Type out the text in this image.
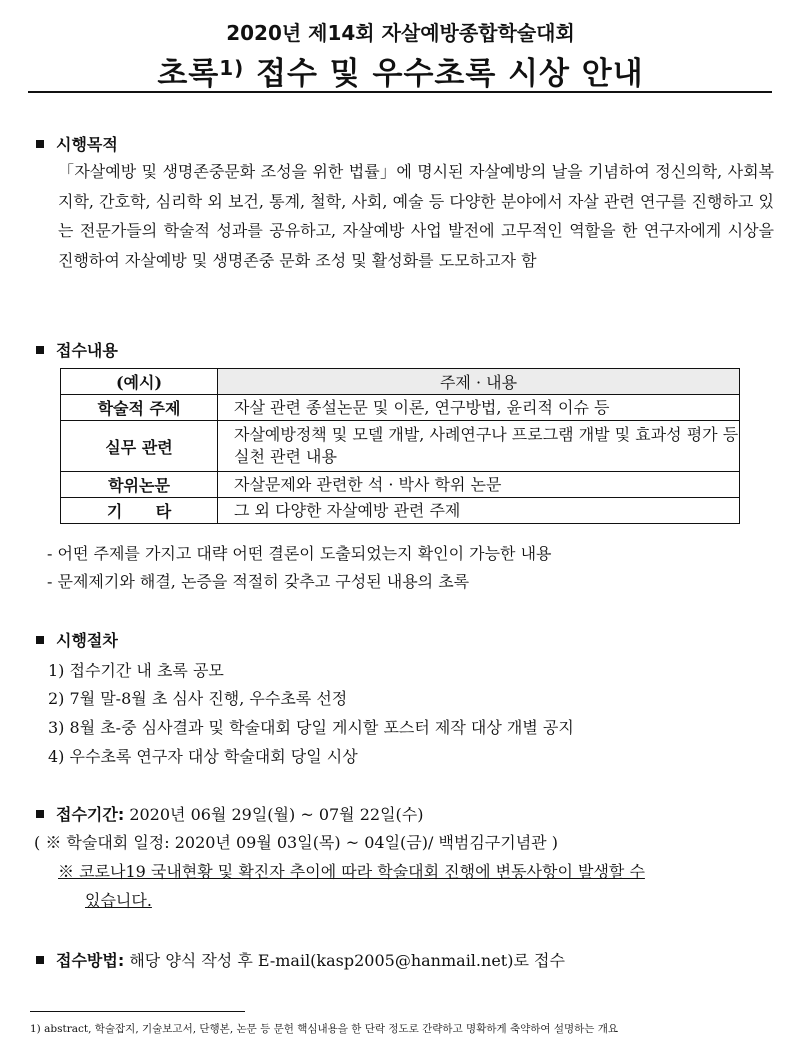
2020년 제14회 자살예방종합학술대회
초록$^{1)}$ 접수 및 우수초록 시상 안내
시행목적
「자살예방 및 생명존중문화 조성을 위한 법률」에 명시된 자살예방의 날을 기념하여 정신의학, 사회복지학, 간호학, 심리학 외 보건, 통계, 철학, 사회, 예술 등 다양한 분야에서 자살 관련 연구를 진행하고 있는 전문가들의 학술적 성과를 공유하고, 자살예방 사업 발전에 고무적인 역할을 한 연구자에게 시상을 진행하여 자살예방 및 생명존중 문화 조성 및 활성화를 도모하고자 함
접수내용
(예시)	주제 · 내용
학술적 주제	자살 관련 종설논문 및 이론, 연구방법, 윤리적 이슈 등
실무 관련	자살예방정책 및 모델 개발, 사례연구나 프로그램 개발 및 효과성 평가 등 실천 관련 내용
학위논문	자살문제와 관련한 석 · 박사 학위 논문
기      타	그 외 다양한 자살예방 관련 주제
- 어떤 주제를 가지고 대략 어떤 결론이 도출되었는지 확인이 가능한 내용
- 문제제기와 해결, 논증을 적절히 갖추고 구성된 내용의 초록
시행절차
1) 접수기간 내 초록 공모
2) 7월 말-8월 초 심사 진행, 우수초록 선정
3) 8월 초-중 심사결과 및 학술대회 당일 게시할 포스터 제작 대상 개별 공지
4) 우수초록 연구자 대상 학술대회 당일 시상
접수기간: 2020년 06월 29일(월) ~ 07월 22일(수)
( ※ 학술대회 일정: 2020년 09월 03일(목) ~ 04일(금)/ 백범김구기념관 )
※ 코로나19 국내현황 및 확진자 추이에 따라 학술대회 진행에 변동사항이 발생할 수
있습니다.
접수방법: 해당 양식 작성 후 E-mail(kasp2005@hanmail.net)로 접수
1) abstract, 학술잡지, 기술보고서, 단행본, 논문 등 문헌 핵심내용을 한 단락 정도로 간략하고 명확하게 축약하여 설명하는 개요
